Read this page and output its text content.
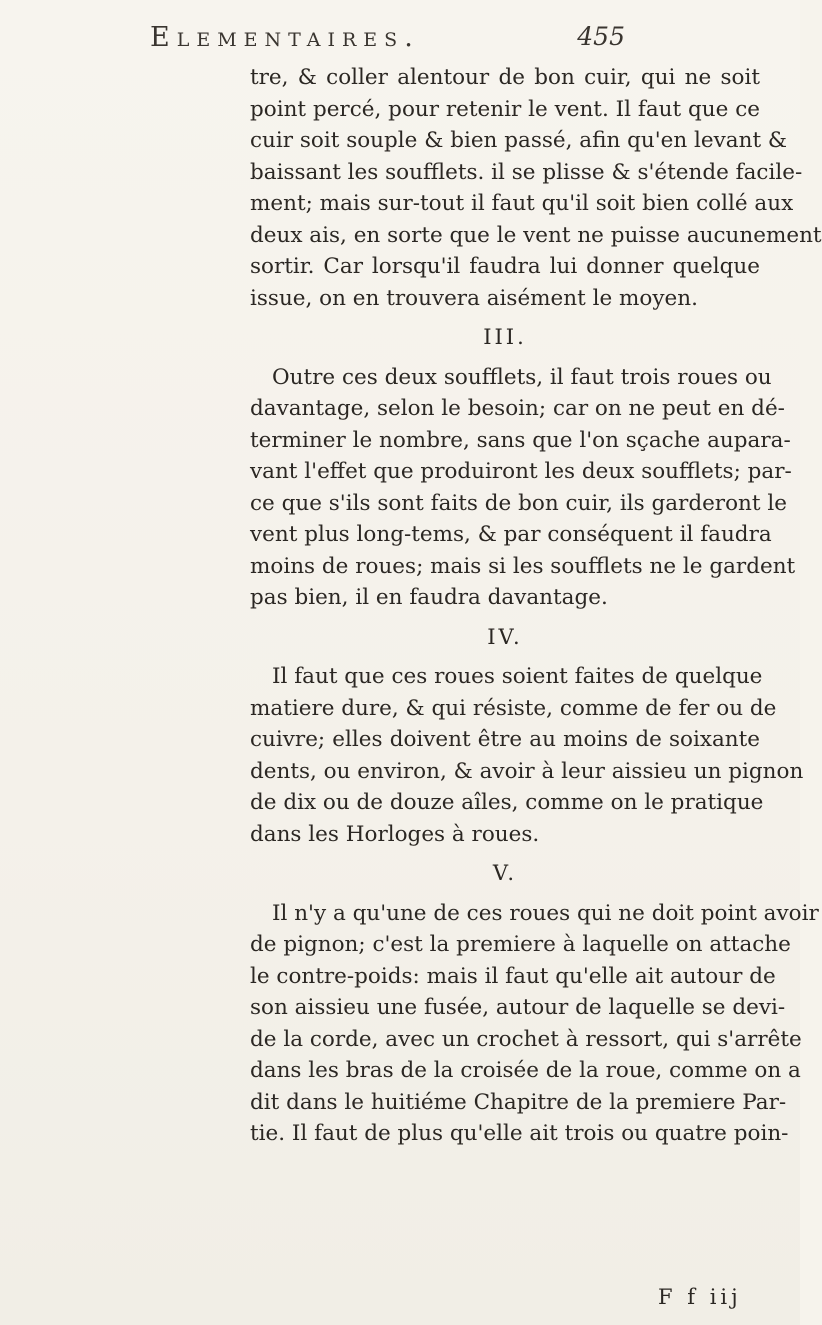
Elementaires.	455

tre, & coller alentour de bon cuir, qui ne soit

point percé, pour retenir le vent. Il faut que ce

cuir soit souple & bien passé, afin qu'en levant &

baissant les soufflets. il se plisse & s'étende facile-

ment; mais sur-tout il faut qu'il soit bien collé aux

deux ais, en sorte que le vent ne puisse aucunement

sortir. Car lorsqu'il faudra lui donner quelque

issue, on en trouvera aisément le moyen.

III.

Outre ces deux soufflets, il faut trois roues ou

davantage, selon le besoin; car on ne peut en dé-

terminer le nombre, sans que l'on sçache aupara-

vant l'effet que produiront les deux soufflets; par-

ce que s'ils sont faits de bon cuir, ils garderont le

vent plus long-tems, & par conséquent il faudra

moins de roues; mais si les soufflets ne le gardent

pas bien, il en faudra davantage.

IV.

Il faut que ces roues soient faites de quelque

matiere dure, & qui résiste, comme de fer ou de

cuivre; elles doivent être au moins de soixante

dents, ou environ, & avoir à leur aissieu un pignon

de dix ou de douze aîles, comme on le pratique

dans les Horloges à roues.

V.

Il n'y a qu'une de ces roues qui ne doit point avoir

de pignon; c'est la premiere à laquelle on attache

le contre-poids: mais il faut qu'elle ait autour de

son aissieu une fusée, autour de laquelle se devi-

de la corde, avec un crochet à ressort, qui s'arrête

dans les bras de la croisée de la roue, comme on a

dit dans le huitiéme Chapitre de la premiere Par-

tie. Il faut de plus qu'elle ait trois ou quatre poin-

F f iij
